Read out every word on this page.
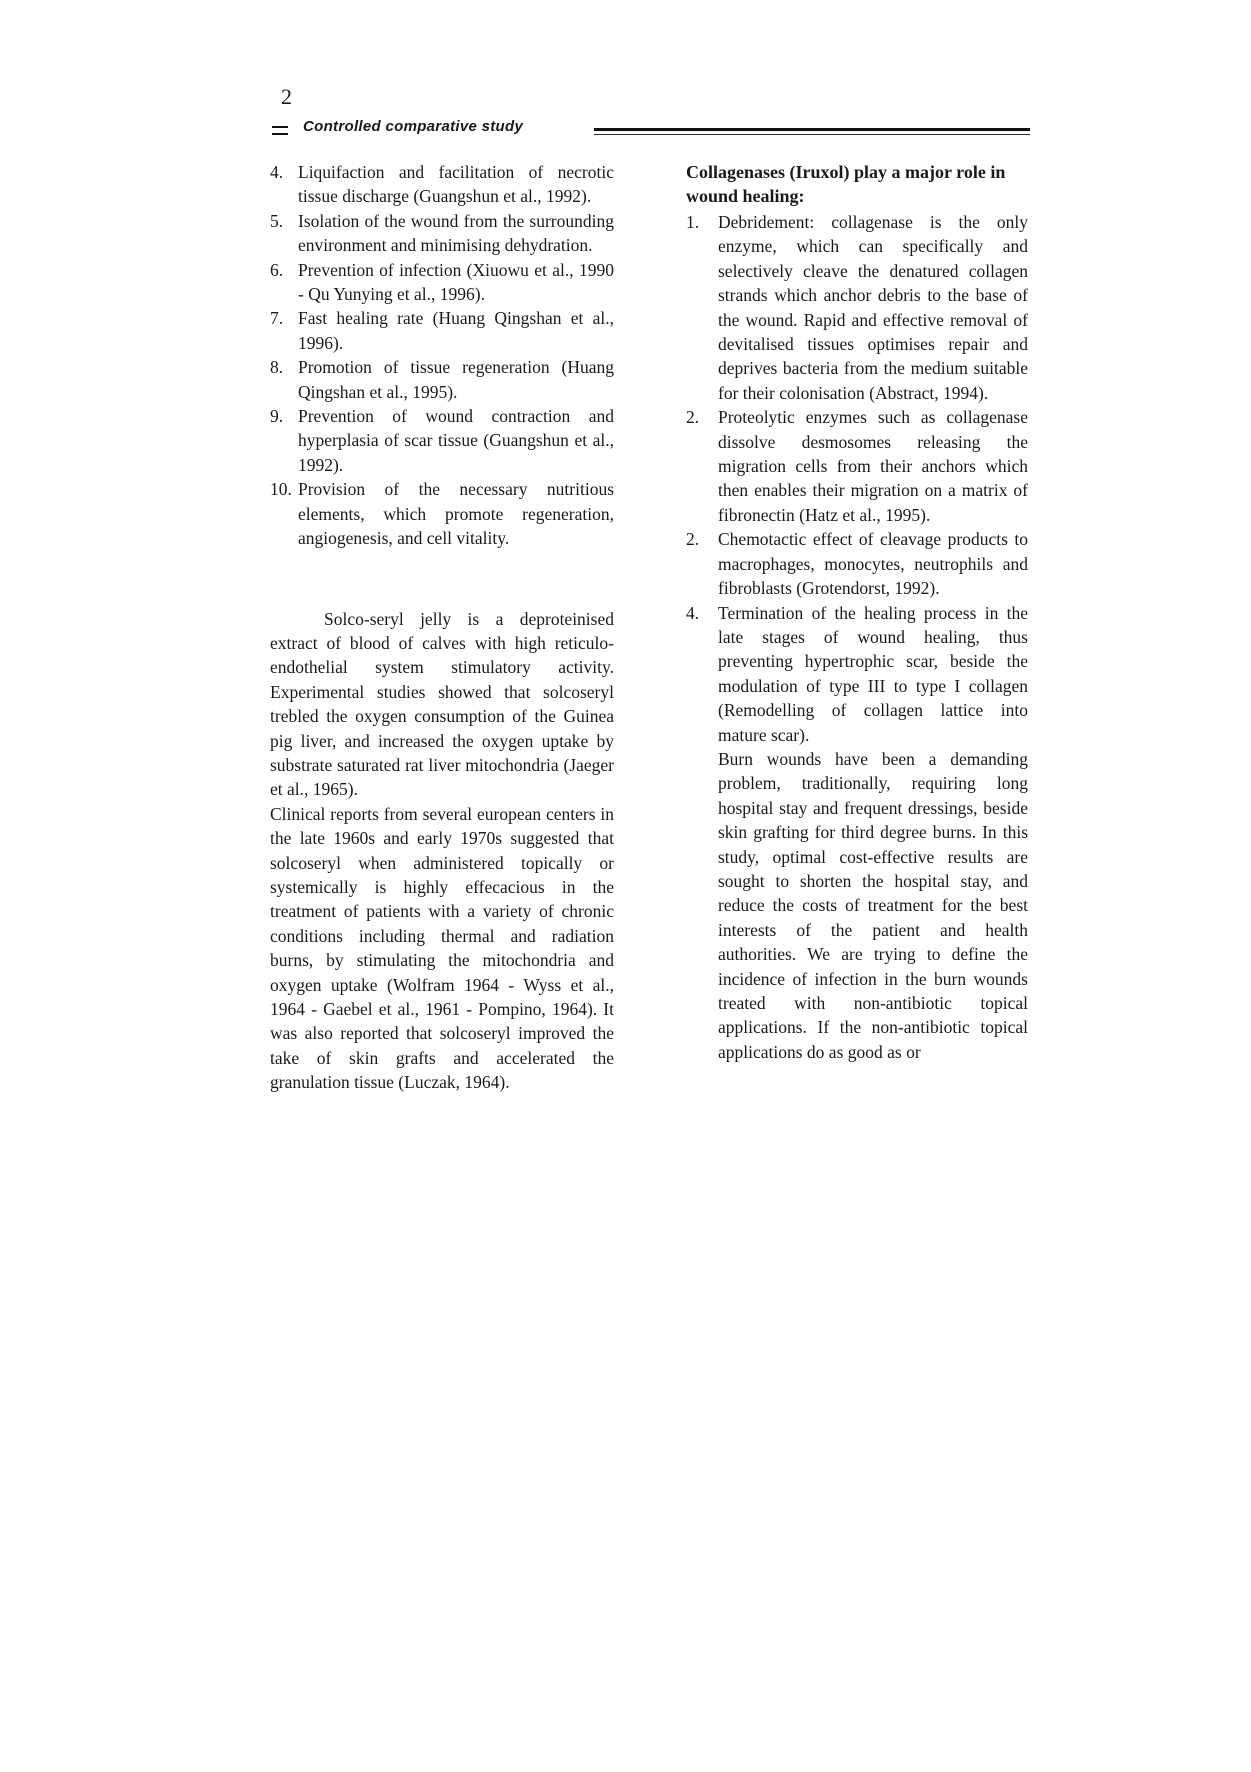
2
Controlled comparative study
4. Liquifaction and facilitation of necrotic tissue discharge (Guangshun et al., 1992).
5. Isolation of the wound from the surrounding environment and minimising dehydration.
6. Prevention of infection (Xiuowu et al., 1990 - Qu Yunying et al., 1996).
7. Fast healing rate (Huang Qingshan et al., 1996).
8. Promotion of tissue regeneration (Huang Qingshan et al., 1995).
9. Prevention of wound contraction and hyperplasia of scar tissue (Guangshun et al., 1992).
10. Provision of the necessary nutritious elements, which promote regeneration, angiogenesis, and cell vitality.

Solco-seryl jelly is a deproteinised extract of blood of calves with high reticulo-endothelial system stimulatory activity. Experimental studies showed that solcoseryl trebled the oxygen consumption of the Guinea pig liver, and increased the oxygen uptake by substrate saturated rat liver mitochondria (Jaeger et al., 1965).

Clinical reports from several european centers in the late 1960s and early 1970s suggested that solcoseryl when administered topically or systemically is highly effecacious in the treatment of patients with a variety of chronic conditions including thermal and radiation burns, by stimulating the mitochondria and oxygen uptake (Wolfram 1964 - Wyss et al., 1964 - Gaebel et al., 1961 - Pompino, 1964). It was also reported that solcoseryl improved the take of skin grafts and accelerated the granulation tissue (Luczak, 1964).

Collagenases (Iruxol) play a major role in wound healing:

1. Debridement: collagenase is the only enzyme, which can specifically and selectively cleave the denatured collagen strands which anchor debris to the base of the wound. Rapid and effective removal of devitalised tissues optimises repair and deprives bacteria from the medium suitable for their colonisation (Abstract, 1994).
2. Proteolytic enzymes such as collagenase dissolve desmosomes releasing the migration cells from their anchors which then enables their migration on a matrix of fibronectin (Hatz et al., 1995).
2. Chemotactic effect of cleavage products to macrophages, monocytes, neutrophils and fibroblasts (Grotendorst, 1992).
4. Termination of the healing process in the late stages of wound healing, thus preventing hypertrophic scar, beside the modulation of type III to type I collagen (Remodelling of collagen lattice into mature scar).

Burn wounds have been a demanding problem, traditionally, requiring long hospital stay and frequent dressings, beside skin grafting for third degree burns. In this study, optimal cost-effective results are sought to shorten the hospital stay, and reduce the costs of treatment for the best interests of the patient and health authorities. We are trying to define the incidence of infection in the burn wounds treated with non-antibiotic topical applications. If the non-antibiotic topical applications do as good as or
